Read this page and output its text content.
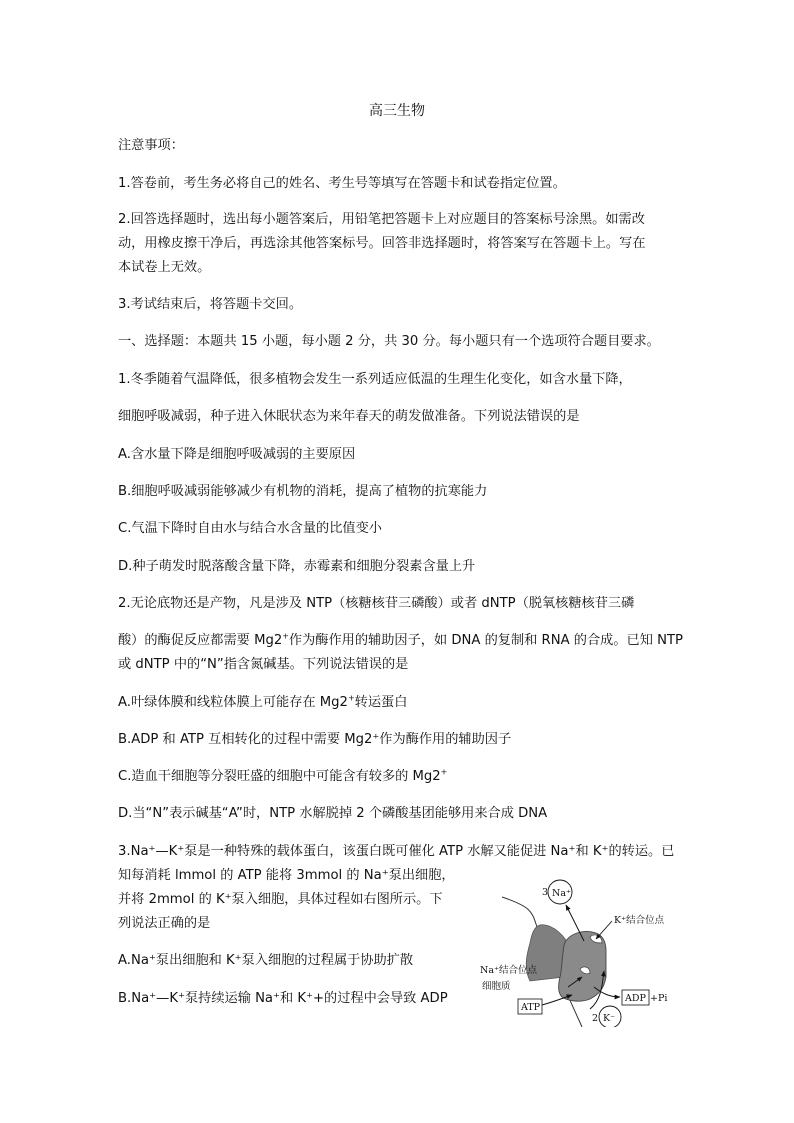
高三生物
注意事项：
1.答卷前，考生务必将自己的姓名、考生号等填写在答题卡和试卷指定位置。
2.回答选择题时，选出每小题答案后，用铅笔把答题卡上对应题目的答案标号涂黑。如需改
动，用橡皮擦干净后，再选涂其他答案标号。回答非选择题时，将答案写在答题卡上。写在
本试卷上无效。
3.考试结束后，将答题卡交回。
一、选择题：本题共 15 小题，每小题 2 分，共 30 分。每小题只有一个选项符合题目要求。
1.冬季随着气温降低，很多植物会发生一系列适应低温的生理生化变化，如含水量下降，
细胞呼吸减弱，种子进入休眠状态为来年春天的萌发做准备。下列说法错误的是
A.含水量下降是细胞呼吸减弱的主要原因
B.细胞呼吸减弱能够减少有机物的消耗，提高了植物的抗寒能力
C.气温下降时自由水与结合水含量的比值变小
D.种子萌发时脱落酸含量下降，赤霉素和细胞分裂素含量上升
2.无论底物还是产物，凡是涉及 NTP（核糖核苷三磷酸）或者 dNTP（脱氧核糖核苷三磷
酸）的酶促反应都需要 Mg2+作为酶作用的辅助因子，如 DNA 的复制和 RNA 的合成。已知 NTP
或 dNTP 中的“N”指含氮碱基。下列说法错误的是
A.叶绿体膜和线粒体膜上可能存在 Mg2+转运蛋白
B.ADP 和 ATP 互相转化的过程中需要 Mg2⁺作为酶作用的辅助因子
C.造血干细胞等分裂旺盛的细胞中可能含有较多的 Mg2+
D.当“N”表示碱基“A”时，NTP 水解脱掉 2 个磷酸基团能够用来合成 DNA
3.Na⁺—K⁺泵是一种特殊的载体蛋白，该蛋白既可催化 ATP 水解又能促进 Na⁺和 K⁺的转运。已
知每消耗 lmmol 的 ATP 能将 3mmol 的 Na⁺泵出细胞，
并将 2mmol 的 K⁺泵入细胞，具体过程如右图所示。下
列说法正确的是
A.Na⁺泵出细胞和 K⁺泵入细胞的过程属于协助扩散
B.Na⁺—K⁺泵持续运输 Na⁺和 K⁺+的过程中会导致 ADP
3 Na⁺
K⁺结合位点
Na⁺结合位点
细胞质
ATP
ADP +Pi
2 K⁻
